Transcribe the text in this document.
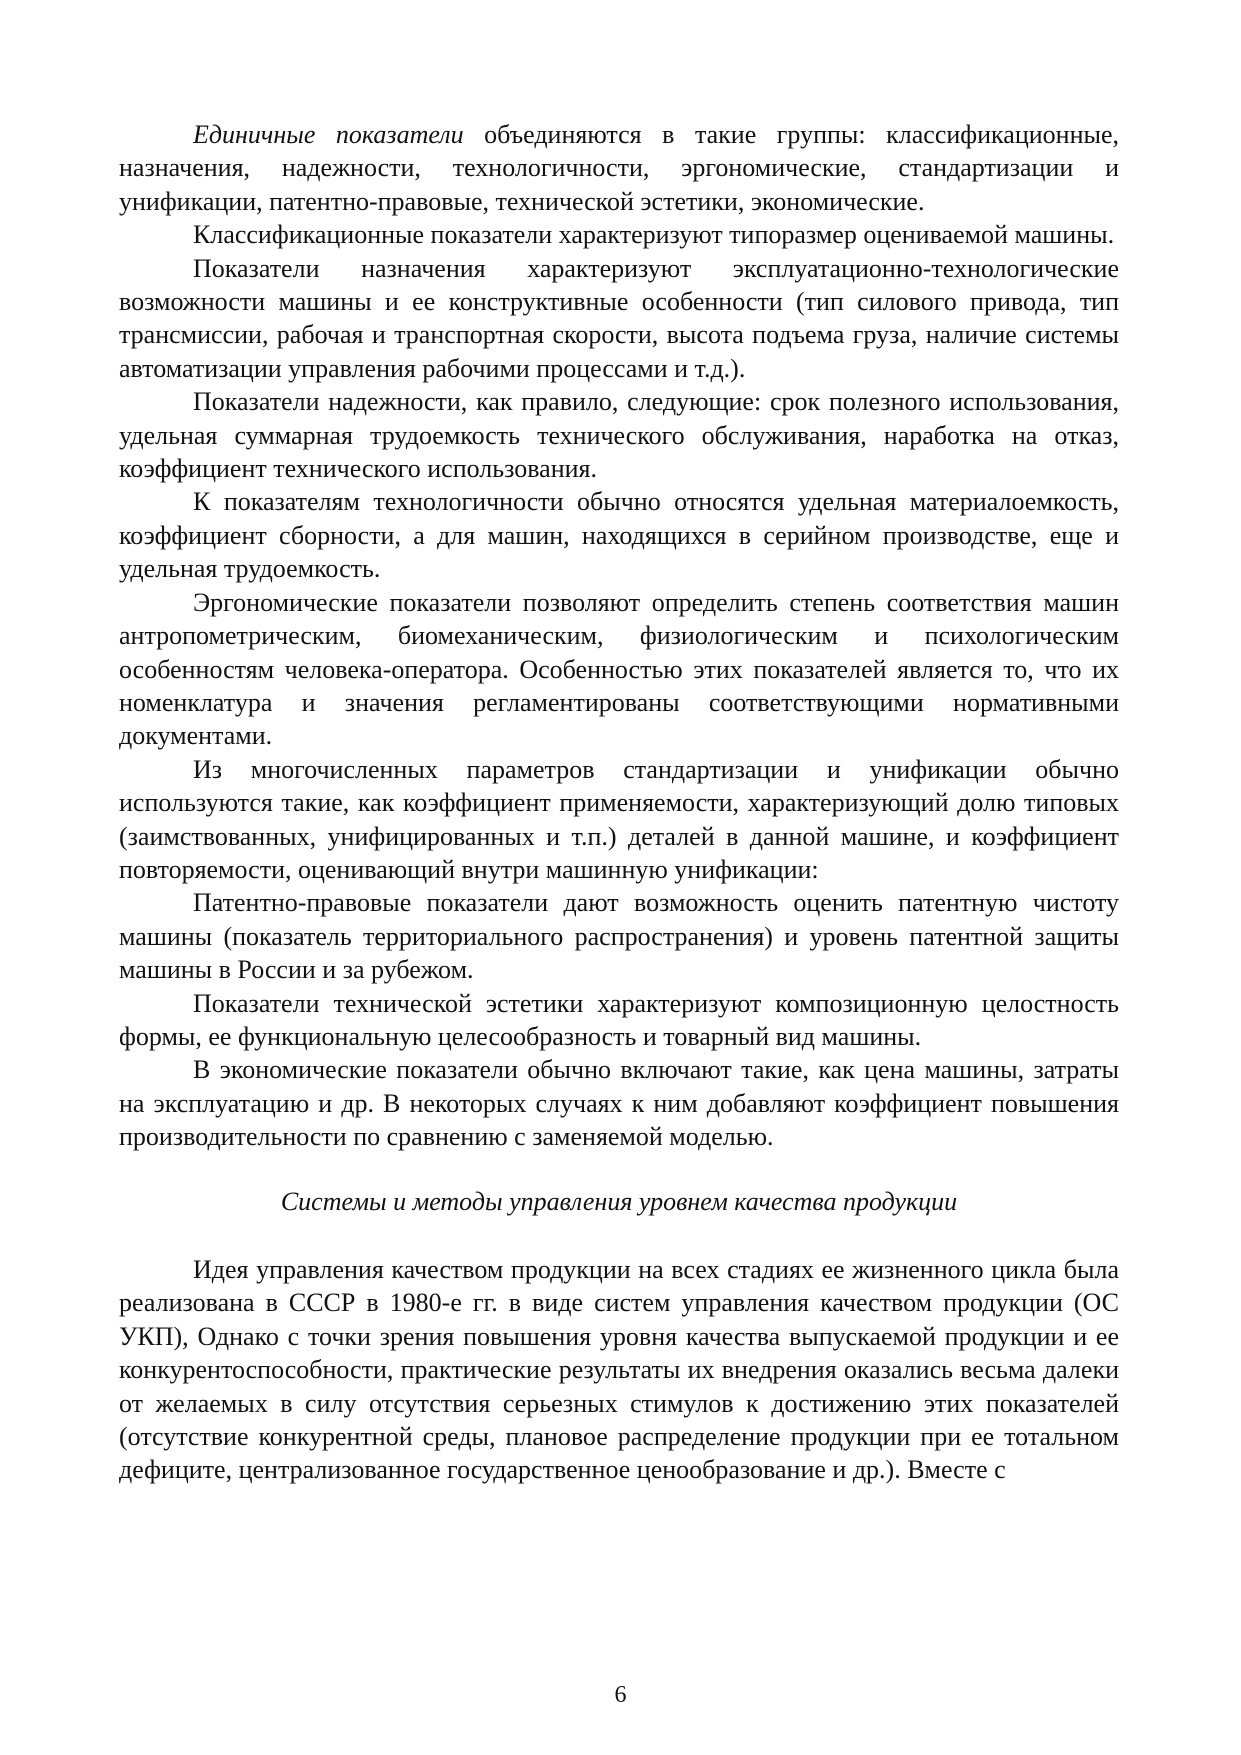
Единичные показатели объединяются в такие группы: классификационные, назначения, надежности, технологичности, эргономические, стандартизации и унификации, патентно-правовые, технической эстетики, экономические.

Классификационные показатели характеризуют типоразмер оцениваемой машины.

Показатели назначения характеризуют эксплуатационно-технологические возможности машины и ее конструктивные особенности (тип силового привода, тип трансмиссии, рабочая и транспортная скорости, высота подъема груза, наличие системы автоматизации управления рабочими процессами и т.д.).

Показатели надежности, как правило, следующие: срок полезного использования, удельная суммарная трудоемкость технического обслуживания, наработка на отказ, коэффициент технического использования.

К показателям технологичности обычно относятся удельная материалоемкость, коэффициент сборности, а для машин, находящихся в серийном производстве, еще и удельная трудоемкость.

Эргономические показатели позволяют определить степень соответствия машин антропометрическим, биомеханическим, физиологическим и психологическим особенностям человека-оператора. Особенностью этих показателей является то, что их номенклатура и значения регламентированы соответствующими нормативными документами.

Из многочисленных параметров стандартизации и унификации обычно используются такие, как коэффициент применяемости, характеризующий долю типовых (заимствованных, унифицированных и т.п.) деталей в данной машине, и коэффициент повторяемости, оценивающий внутри машинную унификации:

Патентно-правовые показатели дают возможность оценить патентную чистоту машины (показатель территориального распространения) и уровень патентной защиты машины в России и за рубежом.

Показатели технической эстетики характеризуют композиционную целостность формы, ее функциональную целесообразность и товарный вид машины.

В экономические показатели обычно включают такие, как цена машины, затраты на эксплуатацию и др. В некоторых случаях к ним добавляют коэффициент повышения производительности по сравнению с заменяемой моделью.

Системы и методы управления уровнем качества продукции

Идея управления качеством продукции на всех стадиях ее жизненного цикла была реализована в СССР в 1980-е гг. в виде систем управления качеством продукции (ОС УКП), Однако с точки зрения повышения уровня качества выпускаемой продукции и ее конкурентоспособности, практические результаты их внедрения оказались весьма далеки от желаемых в силу отсутствия серьезных стимулов к достижению этих показателей (отсутствие конкурентной среды, плановое распределение продукции при ее тотальном дефиците, централизованное государственное ценообразование и др.). Вместе с

6
